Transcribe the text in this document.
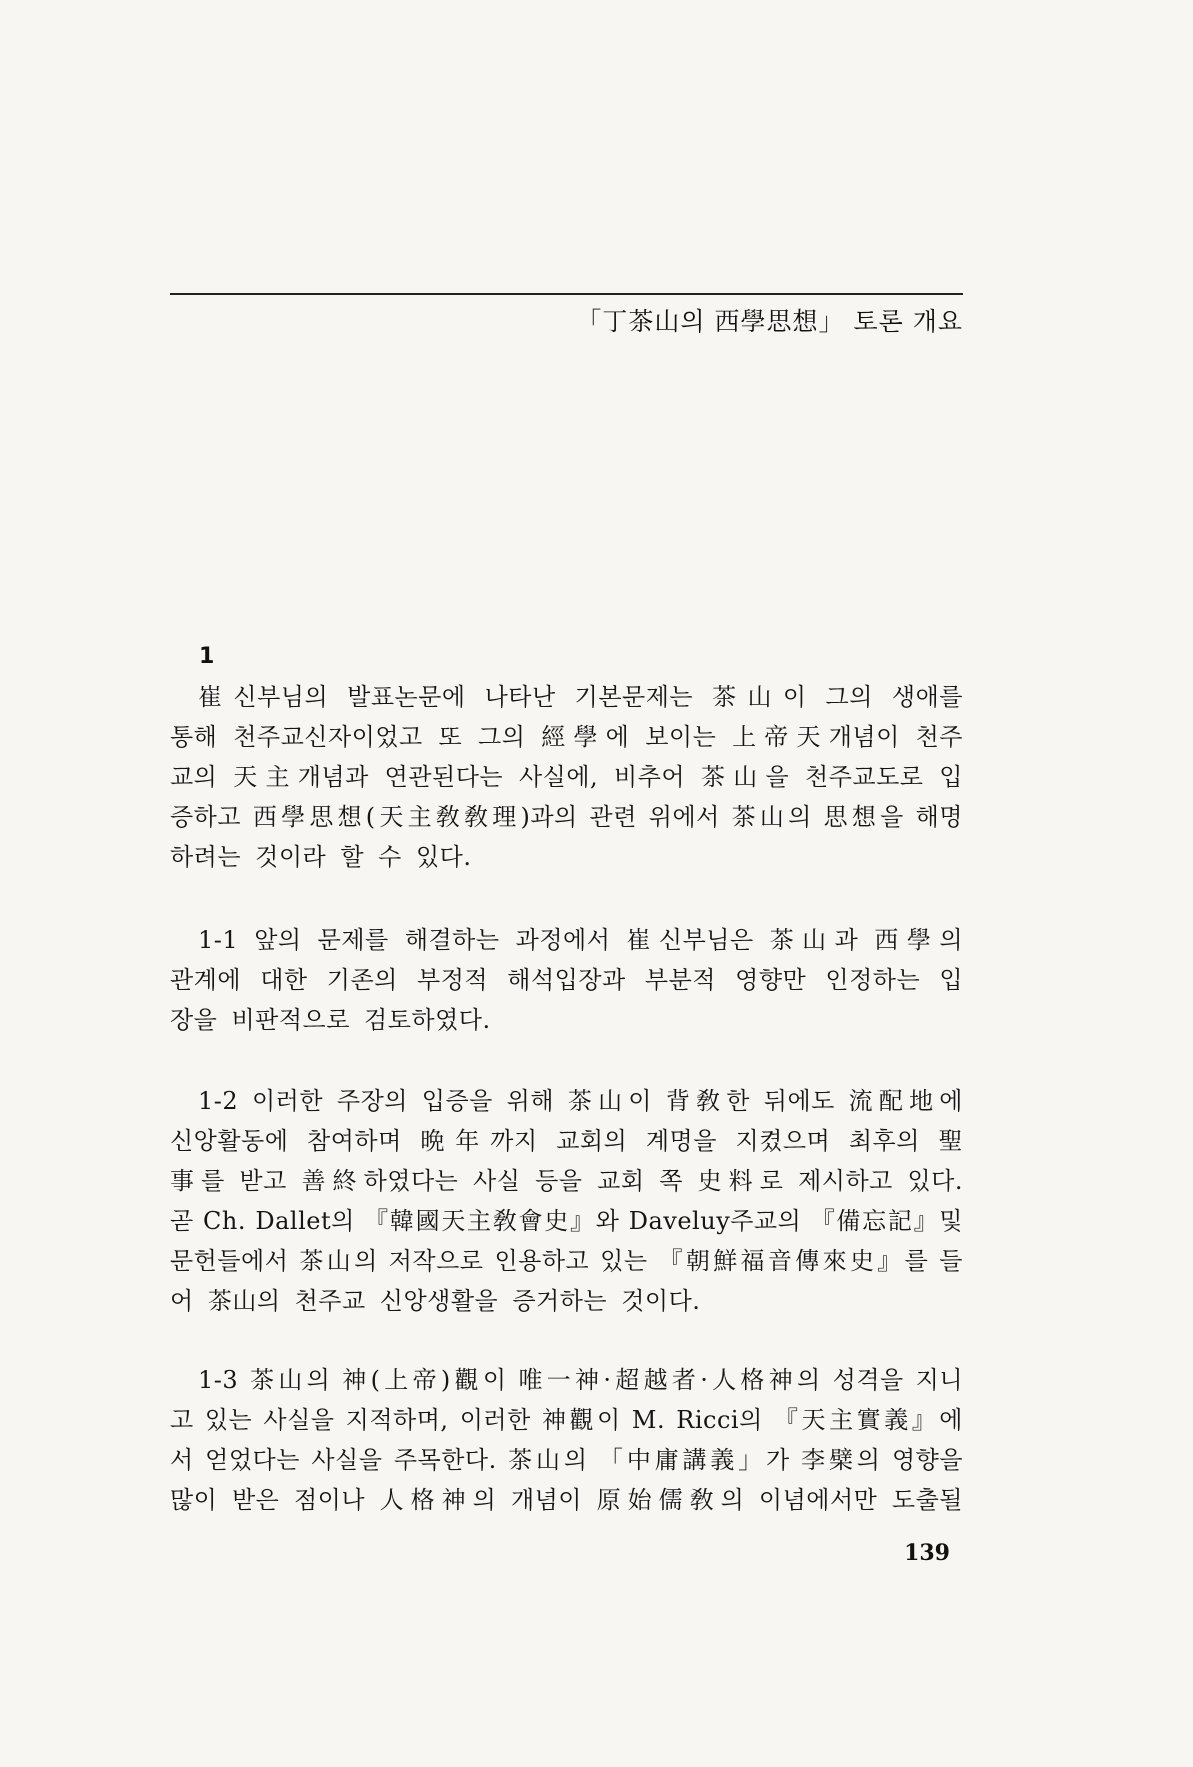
「丁茶山의 西學思想」 토론 개요
1
崔신부님의 발표논문에 나타난 기본문제는 茶山이 그의 생애를
통해 천주교신자이었고 또 그의 經學에 보이는 上帝天개념이 천주
교의 天主개념과 연관된다는 사실에, 비추어 茶山을 천주교도로 입
증하고 西學思想(天主敎敎理)과의 관련 위에서 茶山의 思想을 해명
하려는 것이라 할 수 있다.
1-1 앞의 문제를 해결하는 과정에서 崔신부님은 茶山과 西學의
관계에 대한 기존의 부정적 해석입장과 부분적 영향만 인정하는 입
장을 비판적으로 검토하였다.
1-2 이러한 주장의 입증을 위해 茶山이 背敎한 뒤에도 流配地에
신앙활동에 참여하며 晩年까지 교회의 계명을 지켰으며 최후의 聖
事를 받고 善終하였다는 사실 등을 교회 쪽 史料로 제시하고 있다.
곧 Ch. Dallet의 『韓國天主敎會史』와 Daveluy주교의 『備忘記』및
문헌들에서 茶山의 저작으로 인용하고 있는 『朝鮮福音傳來史』를 들
어 茶山의 천주교 신앙생활을 증거하는 것이다.
1-3 茶山의 神(上帝)觀이 唯一神·超越者·人格神의 성격을 지니
고 있는 사실을 지적하며, 이러한 神觀이 M. Ricci의 『天主實義』에
서 얻었다는 사실을 주목한다. 茶山의 「中庸講義」가 李檗의 영향을
많이 받은 점이나 人格神의 개념이 原始儒敎의 이념에서만 도출될
139
